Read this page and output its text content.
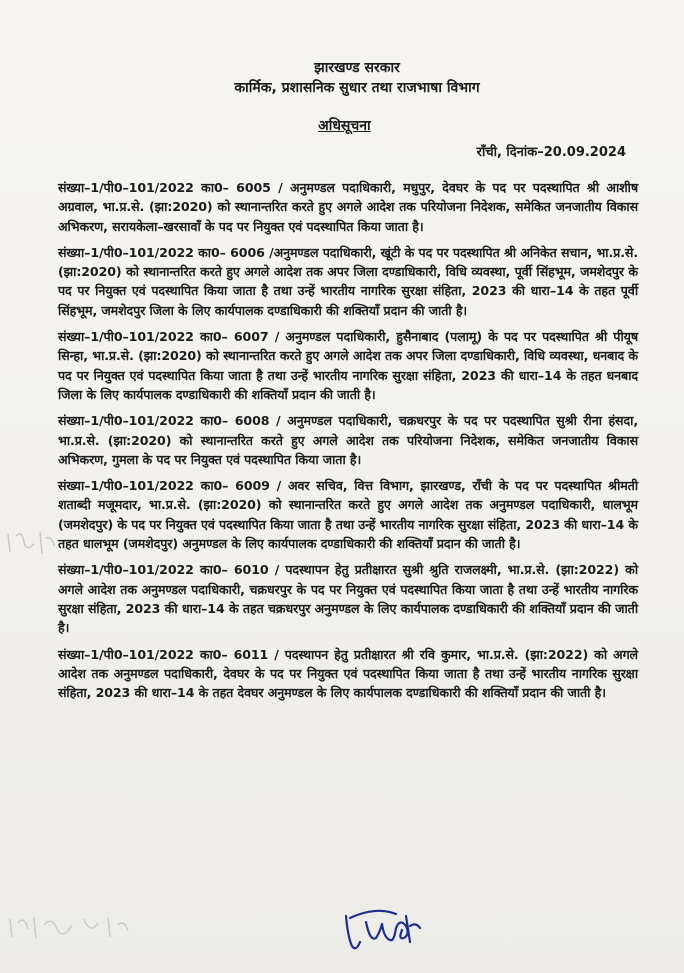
झारखण्ड सरकार
कार्मिक, प्रशासनिक सुधार तथा राजभाषा विभाग
अधिसूचना
राँची, दिनांक–20.09.2024

संख्या–1/पी0–101/2022 का0– 6005 / अनुमण्डल पदाधिकारी, मधुपुर, देवघर के पद पर पदस्थापित श्री आशीष अग्रवाल, भा.प्र.से. (झा:2020) को स्थानान्तरित करते हुए अगले आदेश तक परियोजना निदेशक, समेकित जनजातीय विकास अभिकरण, सरायकेला–खरसावाँ के पद पर नियुक्त एवं पदस्थापित किया जाता है।

संख्या–1/पी0–101/2022 का0– 6006 /अनुमण्डल पदाधिकारी, खूंटी के पद पर पदस्थापित श्री अनिकेत सचान, भा.प्र.से. (झा:2020) को स्थानान्तरित करते हुए अगले आदेश तक अपर जिला दण्डाधिकारी, विधि व्यवस्था, पूर्वी सिंहभूम, जमशेदपुर के पद पर नियुक्त एवं पदस्थापित किया जाता है तथा उन्हें भारतीय नागरिक सुरक्षा संहिता, 2023 की धारा–14 के तहत पूर्वी सिंहभूम, जमशेदपुर जिला के लिए कार्यपालक दण्डाधिकारी की शक्तियाँ प्रदान की जाती है।

संख्या–1/पी0–101/2022 का0– 6007 / अनुमण्डल पदाधिकारी, हुसैनाबाद (पलामू) के पद पर पदस्थापित श्री पीयूष सिन्हा, भा.प्र.से. (झा:2020) को स्थानान्तरित करते हुए अगले आदेश तक अपर जिला दण्डाधिकारी, विधि व्यवस्था, धनबाद के पद पर नियुक्त एवं पदस्थापित किया जाता है तथा उन्हें भारतीय नागरिक सुरक्षा संहिता, 2023 की धारा–14 के तहत धनबाद जिला के लिए कार्यपालक दण्डाधिकारी की शक्तियाँ प्रदान की जाती है।

संख्या–1/पी0–101/2022 का0– 6008 / अनुमण्डल पदाधिकारी, चक्रधरपुर के पद पर पदस्थापित सुश्री रीना हंसदा, भा.प्र.से. (झा:2020) को स्थानान्तरित करते हुए अगले आदेश तक परियोजना निदेशक, समेकित जनजातीय विकास अभिकरण, गुमला के पद पर नियुक्त एवं पदस्थापित किया जाता है।

संख्या–1/पी0–101/2022 का0– 6009 / अवर सचिव, वित्त विभाग, झारखण्ड, राँची के पद पर पदस्थापित श्रीमती शताब्दी मजूमदार, भा.प्र.से. (झा:2020) को स्थानान्तरित करते हुए अगले आदेश तक अनुमण्डल पदाधिकारी, धालभूम (जमशेदपुर) के पद पर नियुक्त एवं पदस्थापित किया जाता है तथा उन्हें भारतीय नागरिक सुरक्षा संहिता, 2023 की धारा–14 के तहत धालभूम (जमशेदपुर) अनुमण्डल के लिए कार्यपालक दण्डाधिकारी की शक्तियाँ प्रदान की जाती है।

संख्या–1/पी0–101/2022 का0– 6010 / पदस्थापन हेतु प्रतीक्षारत सुश्री श्रुति राजलक्ष्मी, भा.प्र.से. (झा:2022) को अगले आदेश तक अनुमण्डल पदाधिकारी, चक्रधरपुर के पद पर नियुक्त एवं पदस्थापित किया जाता है तथा उन्हें भारतीय नागरिक सुरक्षा संहिता, 2023 की धारा–14 के तहत चक्रधरपुर अनुमण्डल के लिए कार्यपालक दण्डाधिकारी की शक्तियाँ प्रदान की जाती है।

संख्या–1/पी0–101/2022 का0– 6011 / पदस्थापन हेतु प्रतीक्षारत श्री रवि कुमार, भा.प्र.से. (झा:2022) को अगले आदेश तक अनुमण्डल पदाधिकारी, देवघर के पद पर नियुक्त एवं पदस्थापित किया जाता है तथा उन्हें भारतीय नागरिक सुरक्षा संहिता, 2023 की धारा–14 के तहत देवघर अनुमण्डल के लिए कार्यपालक दण्डाधिकारी की शक्तियाँ प्रदान की जाती है।
